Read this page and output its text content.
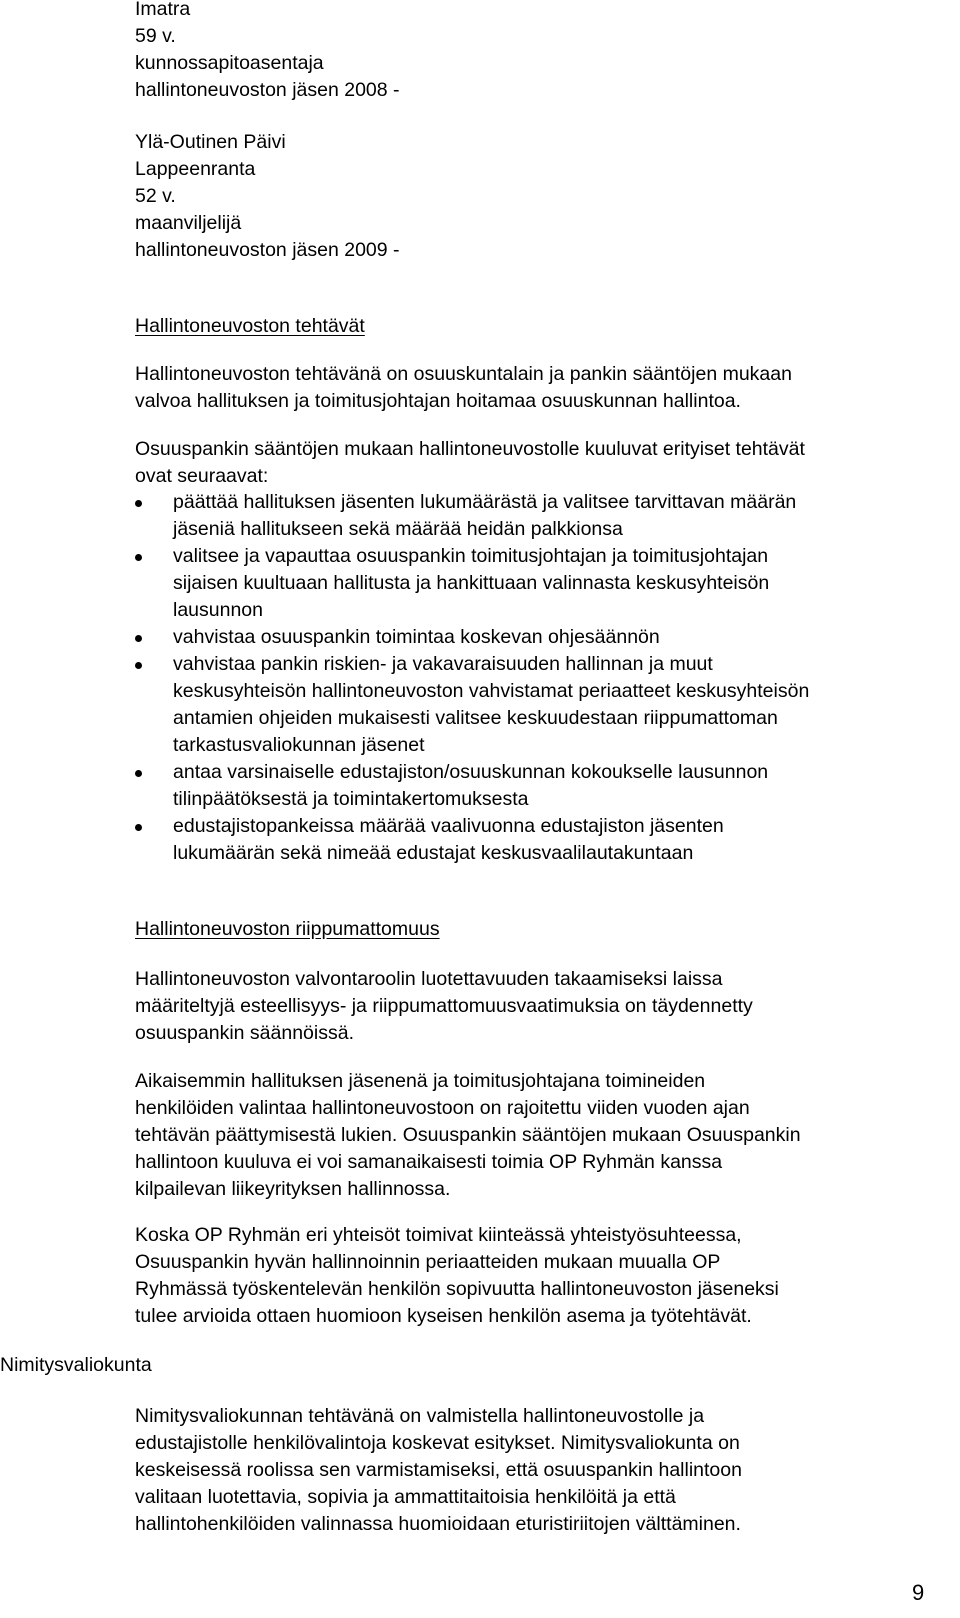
Imatra
59 v.
kunnossapitoasentaja
hallintoneuvoston jäsen 2008 -
Ylä-Outinen Päivi
Lappeenranta
52 v.
maanviljelijä
hallintoneuvoston jäsen 2009 -
Hallintoneuvoston tehtävät
Hallintoneuvoston tehtävänä on osuuskuntalain ja pankin sääntöjen mukaan
valvoa hallituksen ja toimitusjohtajan hoitamaa osuuskunnan hallintoa.
Osuuspankin sääntöjen mukaan hallintoneuvostolle kuuluvat erityiset tehtävät
ovat seuraavat:
päättää hallituksen jäsenten lukumäärästä ja valitsee tarvittavan määrän
jäseniä hallitukseen sekä määrää heidän palkkionsa
valitsee ja vapauttaa osuuspankin toimitusjohtajan ja toimitusjohtajan
sijaisen kuultuaan hallitusta ja hankittuaan valinnasta keskusyhteisön
lausunnon
vahvistaa osuuspankin toimintaa koskevan ohjesäännön
vahvistaa pankin riskien- ja vakavaraisuuden hallinnan ja muut
keskusyhteisön hallintoneuvoston vahvistamat periaatteet keskusyhteisön
antamien ohjeiden mukaisesti valitsee keskuudestaan riippumattoman
tarkastusvaliokunnan jäsenet
antaa varsinaiselle edustajiston/osuuskunnan kokoukselle lausunnon
tilinpäätöksestä ja toimintakertomuksesta
edustajistopankeissa määrää vaalivuonna edustajiston jäsenten
lukumäärän sekä nimeää edustajat keskusvaalilautakuntaan
Hallintoneuvoston riippumattomuus
Hallintoneuvoston valvontaroolin luotettavuuden takaamiseksi laissa
määriteltyjä esteellisyys- ja riippumattomuusvaatimuksia on täydennetty
osuuspankin säännöissä.
Aikaisemmin hallituksen jäsenenä ja toimitusjohtajana toimineiden
henkilöiden valintaa hallintoneuvostoon on rajoitettu viiden vuoden ajan
tehtävän päättymisestä lukien. Osuuspankin sääntöjen mukaan Osuuspankin
hallintoon kuuluva ei voi samanaikaisesti toimia OP Ryhmän kanssa
kilpailevan liikeyrityksen hallinnossa.
Koska OP Ryhmän eri yhteisöt toimivat kiinteässä yhteistyösuhteessa,
Osuuspankin hyvän hallinnoinnin periaatteiden mukaan muualla OP
Ryhmässä työskentelevän henkilön sopivuutta hallintoneuvoston jäseneksi
tulee arvioida ottaen huomioon kyseisen henkilön asema ja työtehtävät.
Nimitysvaliokunta
Nimitysvaliokunnan tehtävänä on valmistella hallintoneuvostolle ja
edustajistolle henkilövalintoja koskevat esitykset. Nimitysvaliokunta on
keskeisessä roolissa sen varmistamiseksi, että osuuspankin hallintoon
valitaan luotettavia, sopivia ja ammattitaitoisia henkilöitä ja että
hallintohenkilöiden valinnassa huomioidaan eturistiriitojen välttäminen.
9
